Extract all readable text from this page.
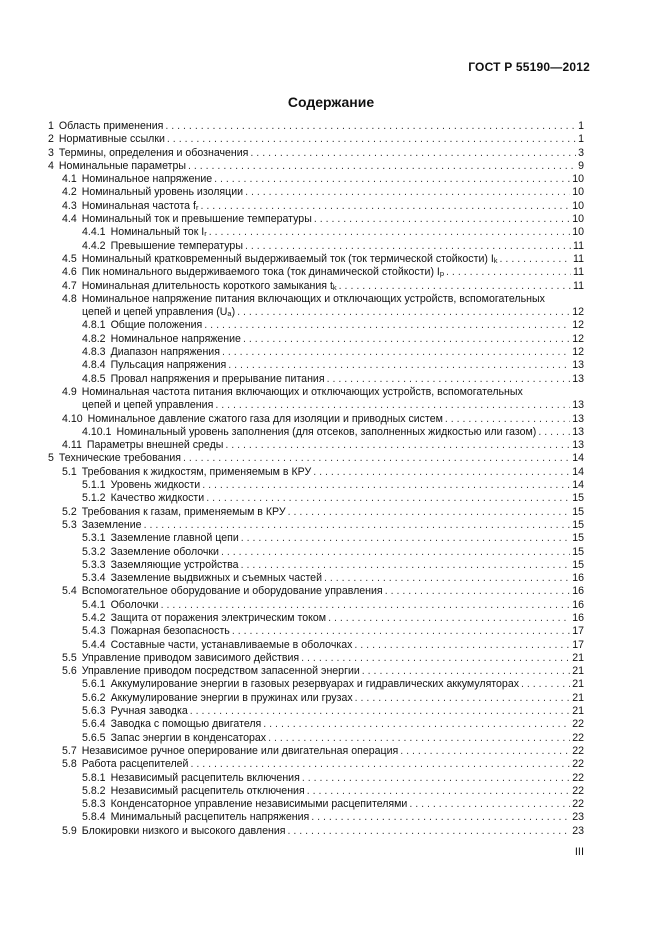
ГОСТ Р 55190—2012
Содержание
1 Область применения . . .	1
2 Нормативные ссылки . . .	1
3 Термины, определения и обозначения . . .	3
4 Номинальные параметры . . .	9
4.1 Номинальное напряжение . . .	10
4.2 Номинальный уровень изоляции . . .	10
4.3 Номинальная частота fr . . .	10
4.4 Номинальный ток и превышение температуры . . .	10
4.4.1 Номинальный ток Ir . . .	10
4.4.2 Превышение температуры . . .	11
4.5 Номинальный кратковременный выдерживаемый ток (ток термической стойкости) Ik . . .	11
4.6 Пик номинального выдерживаемого тока (ток динамической стойкости) Ip . . .	11
4.7 Номинальная длительность короткого замыкания tk . . .	11
4.8 Номинальное напряжение питания включающих и отключающих устройств, вспомогательных
цепей и цепей управления (Ua) . . .	12
4.8.1 Общие положения . . .	12
4.8.2 Номинальное напряжение . . .	12
4.8.3 Диапазон напряжения . . .	12
4.8.4 Пульсация напряжения . . .	13
4.8.5 Провал напряжения и прерывание питания . . .	13
4.9 Номинальная частота питания включающих и отключающих устройств, вспомогательных
цепей и цепей управления . . .	13
4.10 Номинальное давление сжатого газа для изоляции и приводных систем . . .	13
4.10.1 Номинальный уровень заполнения (для отсеков, заполненных жидкостью или газом) . . .	13
4.11 Параметры внешней среды . . .	13
5 Технические требования . . .	14
5.1 Требования к жидкостям, применяемым в КРУ . . .	14
5.1.1 Уровень жидкости . . .	14
5.1.2 Качество жидкости . . .	15
5.2 Требования к газам, применяемым в КРУ . . .	15
5.3 Заземление . . .	15
5.3.1 Заземление главной цепи . . .	15
5.3.2 Заземление оболочки . . .	15
5.3.3 Заземляющие устройства . . .	15
5.3.4 Заземление выдвижных и съемных частей . . .	16
5.4 Вспомогательное оборудование и оборудование управления . . .	16
5.4.1 Оболочки . . .	16
5.4.2 Защита от поражения электрическим током . . .	16
5.4.3 Пожарная безопасность . . .	17
5.4.4 Составные части, устанавливаемые в оболочках . . .	17
5.5 Управление приводом зависимого действия . . .	21
5.6 Управление приводом посредством запасенной энергии . . .	21
5.6.1 Аккумулирование энергии в газовых резервуарах и гидравлических аккумуляторах . . .	21
5.6.2 Аккумулирование энергии в пружинах или грузах . . .	21
5.6.3 Ручная заводка . . .	21
5.6.4 Заводка с помощью двигателя . . .	22
5.6.5 Запас энергии в конденсаторах . . .	22
5.7 Независимое ручное оперирование или двигательная операция . . .	22
5.8 Работа расцепителей . . .	22
5.8.1 Независимый расцепитель включения . . .	22
5.8.2 Независимый расцепитель отключения . . .	22
5.8.3 Конденсаторное управление независимыми расцепителями . . .	22
5.8.4 Минимальный расцепитель напряжения . . .	23
5.9 Блокировки низкого и высокого давления . . .	23
III
